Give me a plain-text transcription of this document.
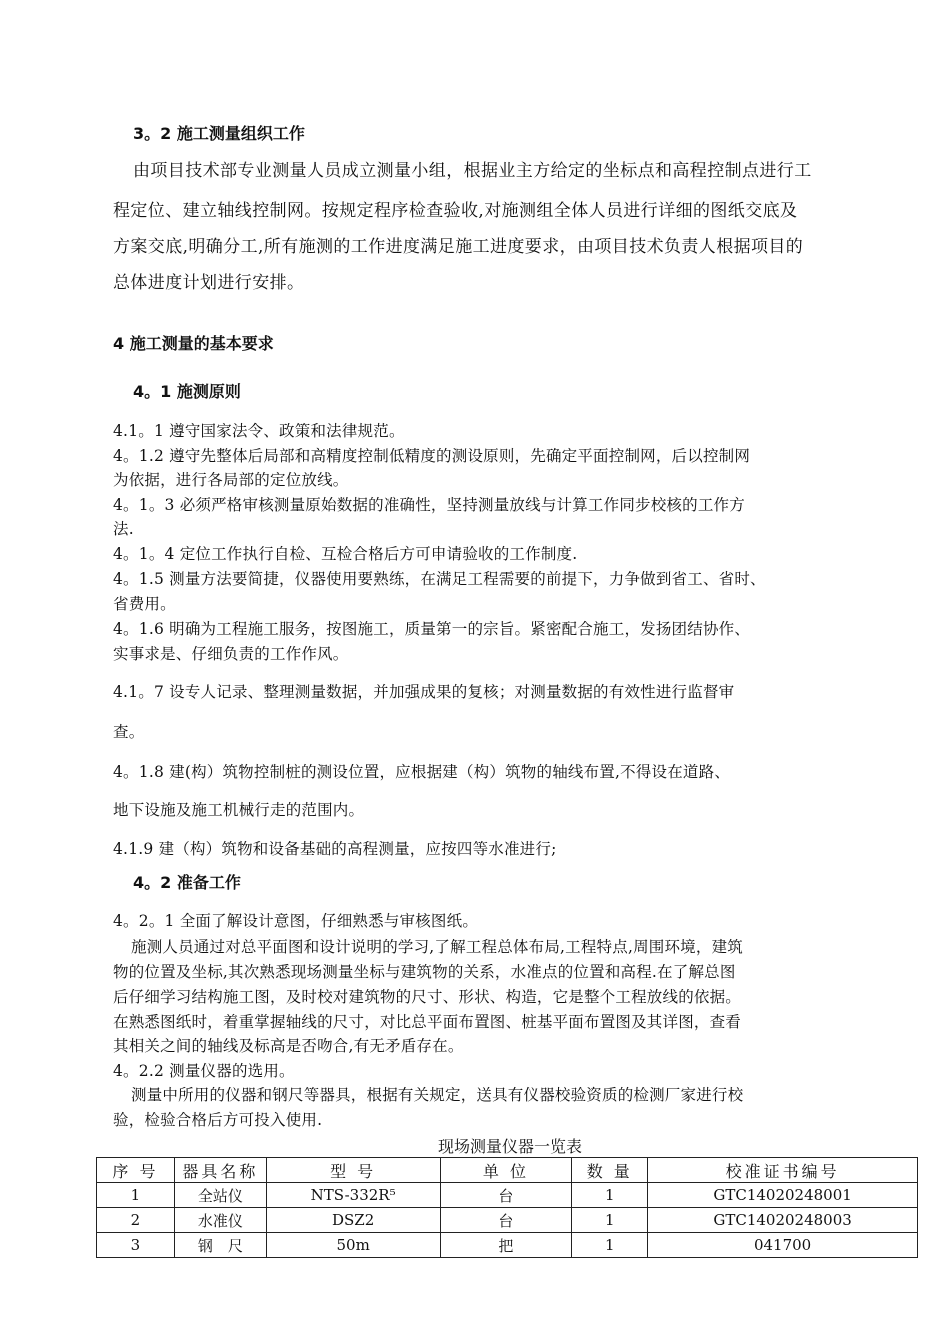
3。2 施工测量组织工作
由项目技术部专业测量人员成立测量小组，根据业主方给定的坐标点和高程控制点进行工
程定位、建立轴线控制网。按规定程序检查验收,对施测组全体人员进行详细的图纸交底及
方案交底,明确分工,所有施测的工作进度满足施工进度要求，由项目技术负责人根据项目的
总体进度计划进行安排。
4 施工测量的基本要求
4。1 施测原则
4.1。1 遵守国家法令、政策和法律规范。
4。1.2 遵守先整体后局部和高精度控制低精度的测设原则，先确定平面控制网，后以控制网
为依据，进行各局部的定位放线。
4。1。3 必须严格审核测量原始数据的准确性，坚持测量放线与计算工作同步校核的工作方
法.
4。1。4 定位工作执行自检、互检合格后方可申请验收的工作制度.
4。1.5 测量方法要简捷，仪器使用要熟练，在满足工程需要的前提下，力争做到省工、省时、
省费用。
4。1.6 明确为工程施工服务，按图施工，质量第一的宗旨。紧密配合施工，发扬团结协作、
实事求是、仔细负责的工作作风。
4.1。7 设专人记录、整理测量数据，并加强成果的复核；对测量数据的有效性进行监督审
查。
4。1.8 建(构）筑物控制桩的测设位置，应根据建（构）筑物的轴线布置,不得设在道路、
地下设施及施工机械行走的范围内。
4.1.9 建（构）筑物和设备基础的高程测量，应按四等水准进行;
4。2 准备工作
4。2。1 全面了解设计意图，仔细熟悉与审核图纸。
施测人员通过对总平面图和设计说明的学习,了解工程总体布局,工程特点,周围环境，建筑
物的位置及坐标,其次熟悉现场测量坐标与建筑物的关系，水准点的位置和高程.在了解总图
后仔细学习结构施工图，及时校对建筑物的尺寸、形状、构造，它是整个工程放线的依据。
在熟悉图纸时，着重掌握轴线的尺寸，对比总平面布置图、桩基平面布置图及其详图，查看
其相关之间的轴线及标高是否吻合,有无矛盾存在。
4。2.2 测量仪器的选用。
测量中所用的仪器和钢尺等器具，根据有关规定，送具有仪器校验资质的检测厂家进行校
验，检验合格后方可投入使用.
现场测量仪器一览表
序 号	器具名称	型 号	单 位	数 量	校准证书编号
1	全站仪	NTS-332R⁵	台	1	GTC14020248001
2	水准仪	DSZ2	台	1	GTC14020248003
3	钢　尺	50m	把	1	041700
